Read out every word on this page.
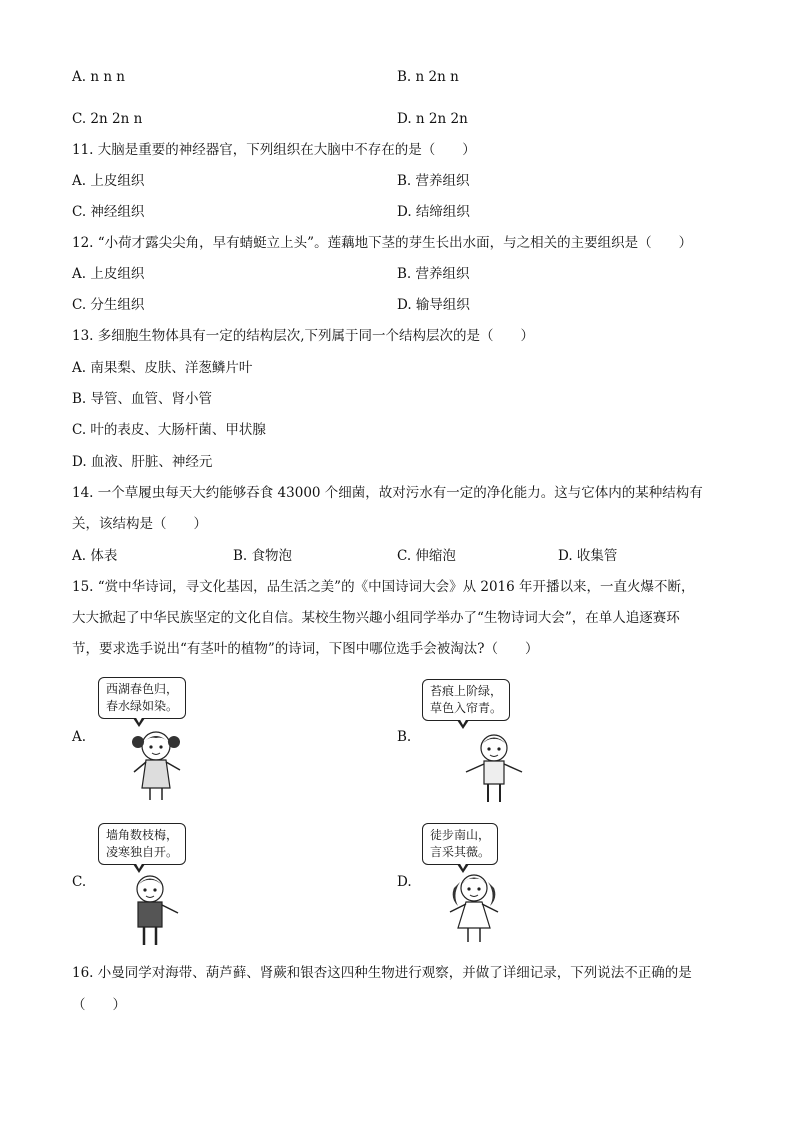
A. n n n	B. n 2n n
C. 2n 2n n	D. n 2n 2n
11. 大脑是重要的神经器官，下列组织在大脑中不存在的是（　　）
A. 上皮组织	B. 营养组织
C. 神经组织	D. 结缔组织
12. “小荷才露尖尖角，早有蜻蜓立上头”。莲藕地下茎的芽生长出水面，与之相关的主要组织是（　　）
A. 上皮组织	B. 营养组织
C. 分生组织	D. 输导组织
13. 多细胞生物体具有一定的结构层次,下列属于同一个结构层次的是（　　）
A. 南果梨、皮肤、洋葱鳞片叶
B. 导管、血管、肾小管
C. 叶的表皮、大肠杆菌、甲状腺
D. 血液、肝脏、神经元
14. 一个草履虫每天大约能够吞食 43000 个细菌，故对污水有一定的净化能力。这与它体内的某种结构有
关，该结构是（　　）
A. 体表	B. 食物泡	C. 伸缩泡	D. 收集管
15. “赏中华诗词，寻文化基因，品生活之美”的《中国诗词大会》从 2016 年开播以来，一直火爆不断，
大大掀起了中华民族坚定的文化自信。某校生物兴趣小组同学举办了“生物诗词大会”，在单人追逐赛环
节，要求选手说出“有茎叶的植物”的诗词，下图中哪位选手会被淘汰?（　　）
A.
西湖春色归，
春水绿如染。
B.
苔痕上阶绿，
草色入帘青。
C.
墙角数枝梅，
凌寒独自开。
D.
徒步南山，
言采其薇。
16. 小曼同学对海带、葫芦藓、肾蕨和银杏这四种生物进行观察，并做了详细记录，下列说法不正确的是
（　　）
